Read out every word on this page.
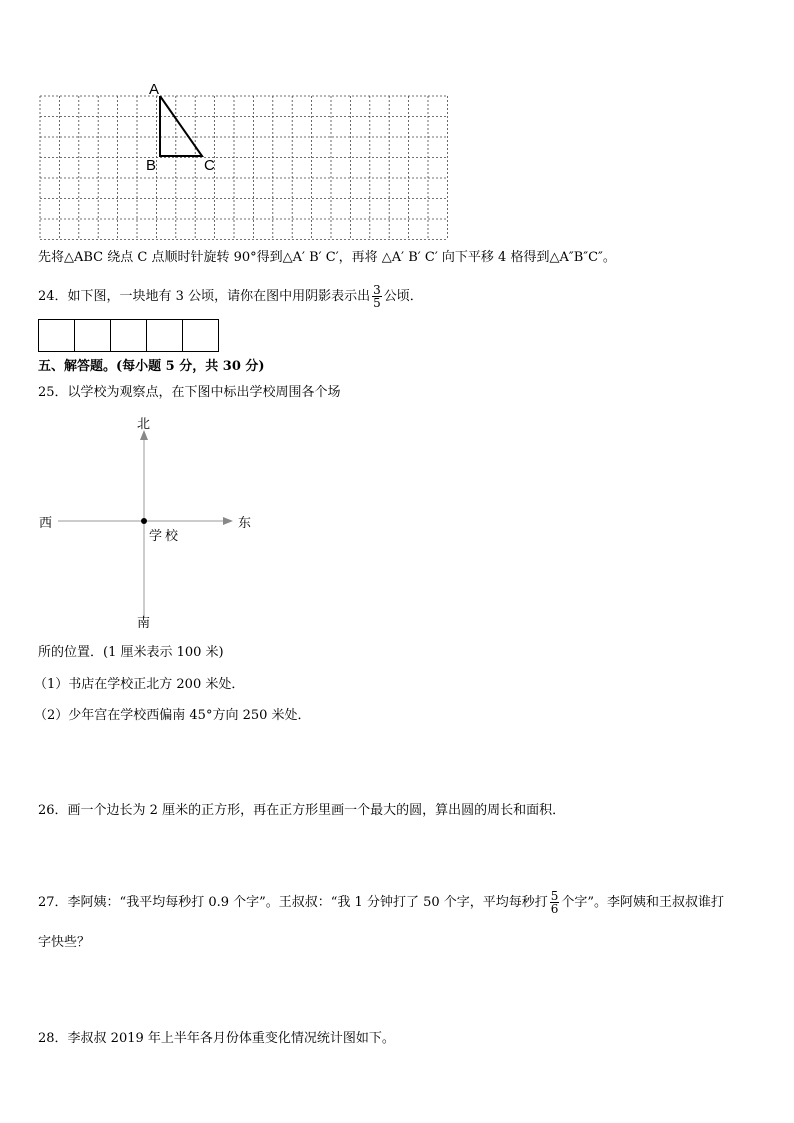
A
B	C
先将△ABC 绕点 C 点顺时针旋转 90°得到△A′ B′ C′，再将 △A′ B′ C′ 向下平移 4 格得到△A″B″C″。
24．如下图，一块地有 3 公顷，请你在图中用阴影表示出 $\frac{3}{5}$ 公顷．
五、解答题。(每小题 5 分，共 30 分)
25．以学校为观察点，在下图中标出学校周围各个场
北
南
西	东
学校
所的位置．(1 厘米表示 100 米)
（1）书店在学校正北方 200 米处．
（2）少年宫在学校西偏南 45°方向 250 米处．
26．画一个边长为 2 厘米的正方形，再在正方形里画一个最大的圆，算出圆的周长和面积．
27．李阿姨：“我平均每秒打 0.9 个字”。王叔叔：“我 1 分钟打了 50 个字，平均每秒打 $\frac{5}{6}$ 个字”。李阿姨和王叔叔谁打
字快些？
28．李叔叔 2019 年上半年各月份体重变化情况统计图如下。
